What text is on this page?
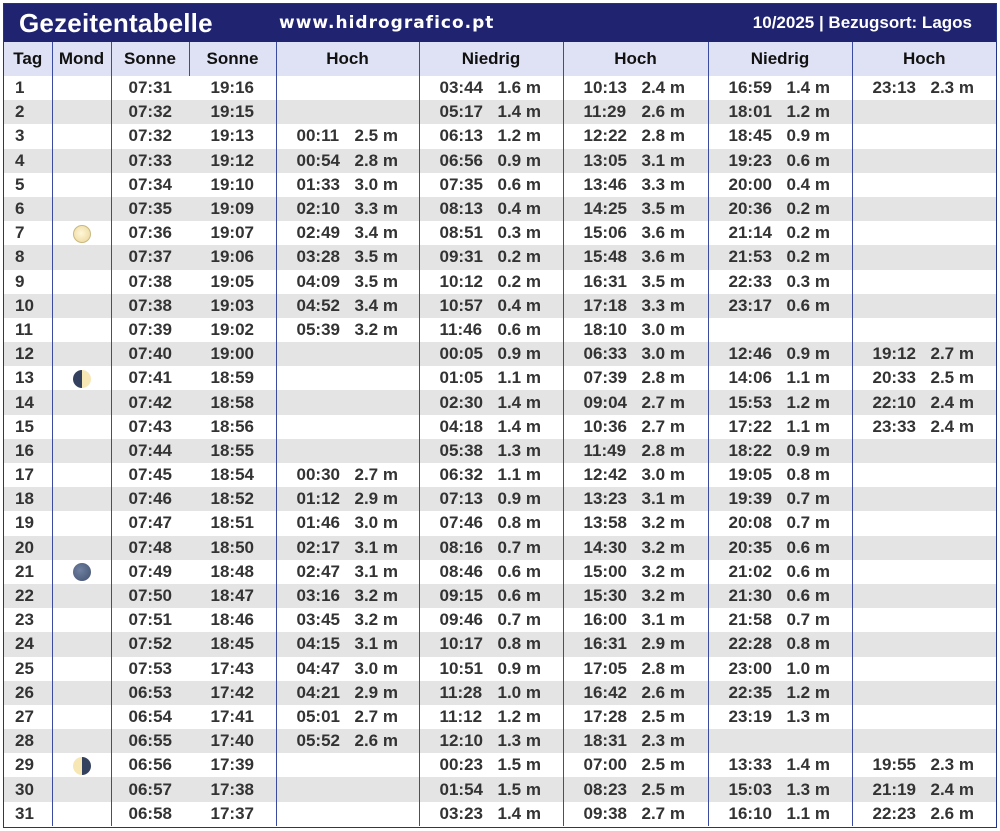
Gezeitentabelle	www.hidrografico.pt	10/2025 | Bezugsort: Lagos
Tag	Mond	Sonne	Sonne	Hoch	Niedrig	Hoch	Niedrig	Hoch
1		07:31	19:16		03:44 1.6 m	10:13 2.4 m	16:59 1.4 m	23:13 2.3 m
2		07:32	19:15		05:17 1.4 m	11:29 2.6 m	18:01 1.2 m	
3		07:32	19:13	00:11 2.5 m	06:13 1.2 m	12:22 2.8 m	18:45 0.9 m	
4		07:33	19:12	00:54 2.8 m	06:56 0.9 m	13:05 3.1 m	19:23 0.6 m	
5		07:34	19:10	01:33 3.0 m	07:35 0.6 m	13:46 3.3 m	20:00 0.4 m	
6		07:35	19:09	02:10 3.3 m	08:13 0.4 m	14:25 3.5 m	20:36 0.2 m	
7		07:36	19:07	02:49 3.4 m	08:51 0.3 m	15:06 3.6 m	21:14 0.2 m	
8		07:37	19:06	03:28 3.5 m	09:31 0.2 m	15:48 3.6 m	21:53 0.2 m	
9		07:38	19:05	04:09 3.5 m	10:12 0.2 m	16:31 3.5 m	22:33 0.3 m	
10		07:38	19:03	04:52 3.4 m	10:57 0.4 m	17:18 3.3 m	23:17 0.6 m	
11		07:39	19:02	05:39 3.2 m	11:46 0.6 m	18:10 3.0 m		
12		07:40	19:00		00:05 0.9 m	06:33 3.0 m	12:46 0.9 m	19:12 2.7 m
13		07:41	18:59		01:05 1.1 m	07:39 2.8 m	14:06 1.1 m	20:33 2.5 m
14		07:42	18:58		02:30 1.4 m	09:04 2.7 m	15:53 1.2 m	22:10 2.4 m
15		07:43	18:56		04:18 1.4 m	10:36 2.7 m	17:22 1.1 m	23:33 2.4 m
16		07:44	18:55		05:38 1.3 m	11:49 2.8 m	18:22 0.9 m	
17		07:45	18:54	00:30 2.7 m	06:32 1.1 m	12:42 3.0 m	19:05 0.8 m	
18		07:46	18:52	01:12 2.9 m	07:13 0.9 m	13:23 3.1 m	19:39 0.7 m	
19		07:47	18:51	01:46 3.0 m	07:46 0.8 m	13:58 3.2 m	20:08 0.7 m	
20		07:48	18:50	02:17 3.1 m	08:16 0.7 m	14:30 3.2 m	20:35 0.6 m	
21		07:49	18:48	02:47 3.1 m	08:46 0.6 m	15:00 3.2 m	21:02 0.6 m	
22		07:50	18:47	03:16 3.2 m	09:15 0.6 m	15:30 3.2 m	21:30 0.6 m	
23		07:51	18:46	03:45 3.2 m	09:46 0.7 m	16:00 3.1 m	21:58 0.7 m	
24		07:52	18:45	04:15 3.1 m	10:17 0.8 m	16:31 2.9 m	22:28 0.8 m	
25		07:53	17:43	04:47 3.0 m	10:51 0.9 m	17:05 2.8 m	23:00 1.0 m	
26		06:53	17:42	04:21 2.9 m	11:28 1.0 m	16:42 2.6 m	22:35 1.2 m	
27		06:54	17:41	05:01 2.7 m	11:12 1.2 m	17:28 2.5 m	23:19 1.3 m	
28		06:55	17:40	05:52 2.6 m	12:10 1.3 m	18:31 2.3 m		
29		06:56	17:39		00:23 1.5 m	07:00 2.5 m	13:33 1.4 m	19:55 2.3 m
30		06:57	17:38		01:54 1.5 m	08:23 2.5 m	15:03 1.3 m	21:19 2.4 m
31		06:58	17:37		03:23 1.4 m	09:38 2.7 m	16:10 1.1 m	22:23 2.6 m
